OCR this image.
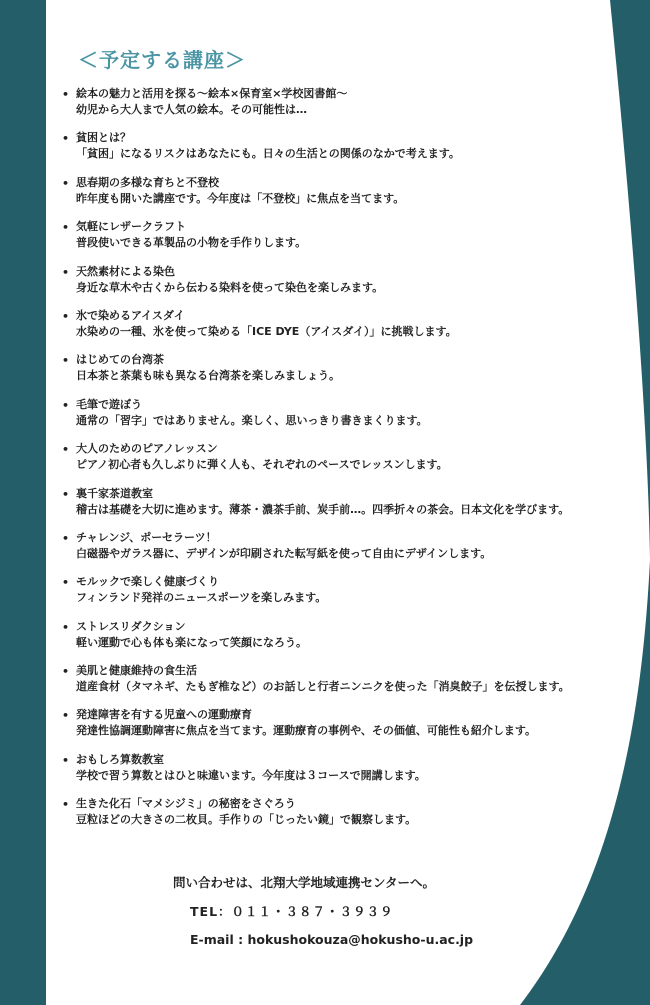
＜予定する講座＞
• 絵本の魅力と活用を探る～絵本×保育室×学校図書館～
幼児から大人まで人気の絵本。その可能性は…
• 貧困とは？
「貧困」になるリスクはあなたにも。日々の生活との関係のなかで考えます。
• 思春期の多様な育ちと不登校
昨年度も開いた講座です。今年度は「不登校」に焦点を当てます。
• 気軽にレザークラフト
普段使いできる革製品の小物を手作りします。
• 天然素材による染色
身近な草木や古くから伝わる染料を使って染色を楽しみます。
• 氷で染めるアイスダイ
水染めの一種、氷を使って染める「ICE DYE（アイスダイ）」に挑戦します。
• はじめての台湾茶
日本茶と茶葉も味も異なる台湾茶を楽しみましょう。
• 毛筆で遊ぼう
通常の「習字」ではありません。楽しく、思いっきり書きまくります。
• 大人のためのピアノレッスン
ピアノ初心者も久しぶりに弾く人も、それぞれのペースでレッスンします。
• 裏千家茶道教室
稽古は基礎を大切に進めます。薄茶・濃茶手前、炭手前…。四季折々の茶会。日本文化を学びます。
• チャレンジ、ポーセラーツ！
白磁器やガラス器に、デザインが印刷された転写紙を使って自由にデザインします。
• モルックで楽しく健康づくり
フィンランド発祥のニュースポーツを楽しみます。
• ストレスリダクション
軽い運動で心も体も楽になって笑顔になろう。
• 美肌と健康維持の食生活
道産食材（タマネギ、たもぎ椎など）のお話しと行者ニンニクを使った「消臭餃子」を伝授します。
• 発達障害を有する児童への運動療育
発達性協調運動障害に焦点を当てます。運動療育の事例や、その価値、可能性も紹介します。
• おもしろ算数教室
学校で習う算数とはひと味違います。今年度は３コースで開講します。
• 生きた化石「マメシジミ」の秘密をさぐろう
豆粒ほどの大きさの二枚貝。手作りの「じったい鏡」で観察します。
問い合わせは、北翔大学地域連携センターへ。
TEL：０１１・３８７・３９３９
E-mail : hokushokouza@hokusho-u.ac.jp
